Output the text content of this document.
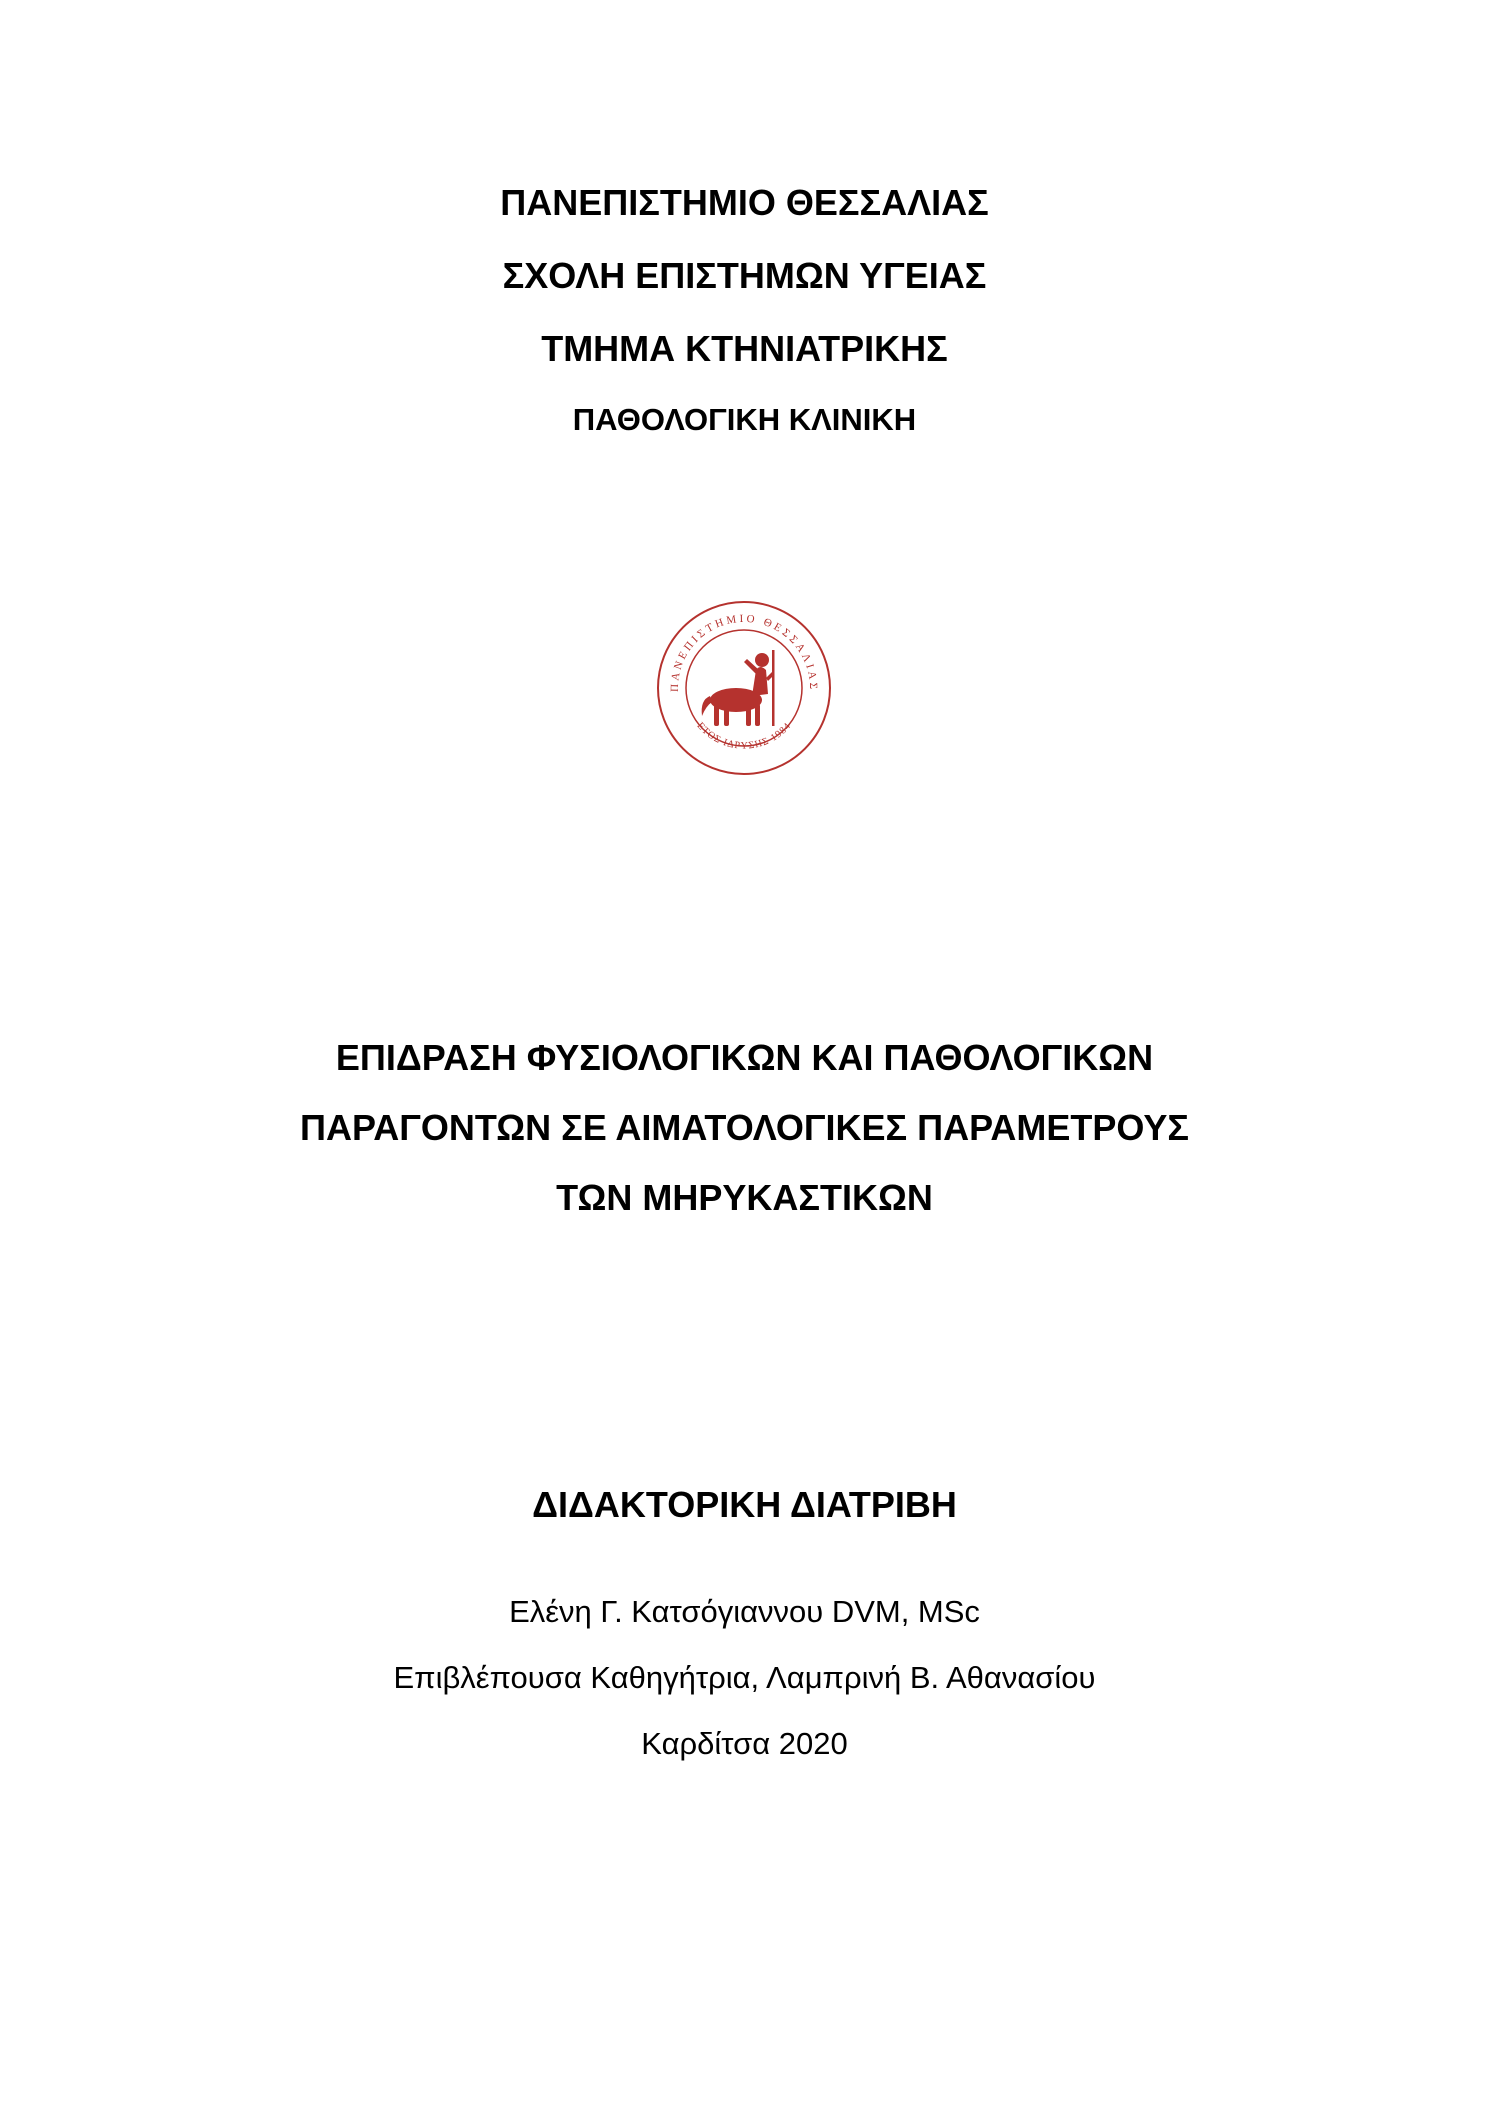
ΠΑΝΕΠΙΣΤΗΜΙΟ ΘΕΣΣΑΛΙΑΣ

ΣΧΟΛΗ ΕΠΙΣΤΗΜΩΝ ΥΓΕΙΑΣ

ΤΜΗΜΑ ΚΤΗΝΙΑΤΡΙΚΗΣ

ΠΑΘΟΛΟΓΙΚΗ ΚΛΙΝΙΚΗ

ΠΑΝΕΠΙΣΤΗΜΙΟ ΘΕΣΣΑΛΙΑΣ
ΕΤΟΣ ΙΔΡΥΣΗΣ 1984

ΕΠΙΔΡΑΣΗ ΦΥΣΙΟΛΟΓΙΚΩΝ ΚΑΙ ΠΑΘΟΛΟΓΙΚΩΝ

ΠΑΡΑΓΟΝΤΩΝ ΣΕ ΑΙΜΑΤΟΛΟΓΙΚΕΣ ΠΑΡΑΜΕΤΡΟΥΣ

ΤΩΝ ΜΗΡΥΚΑΣΤΙΚΩΝ

ΔΙΔΑΚΤΟΡΙΚΗ ΔΙΑΤΡΙΒΗ

Ελένη Γ. Κατσόγιαννου DVM, MSc

Επιβλέπουσα Καθηγήτρια, Λαμπρινή Β. Αθανασίου

Καρδίτσα 2020
